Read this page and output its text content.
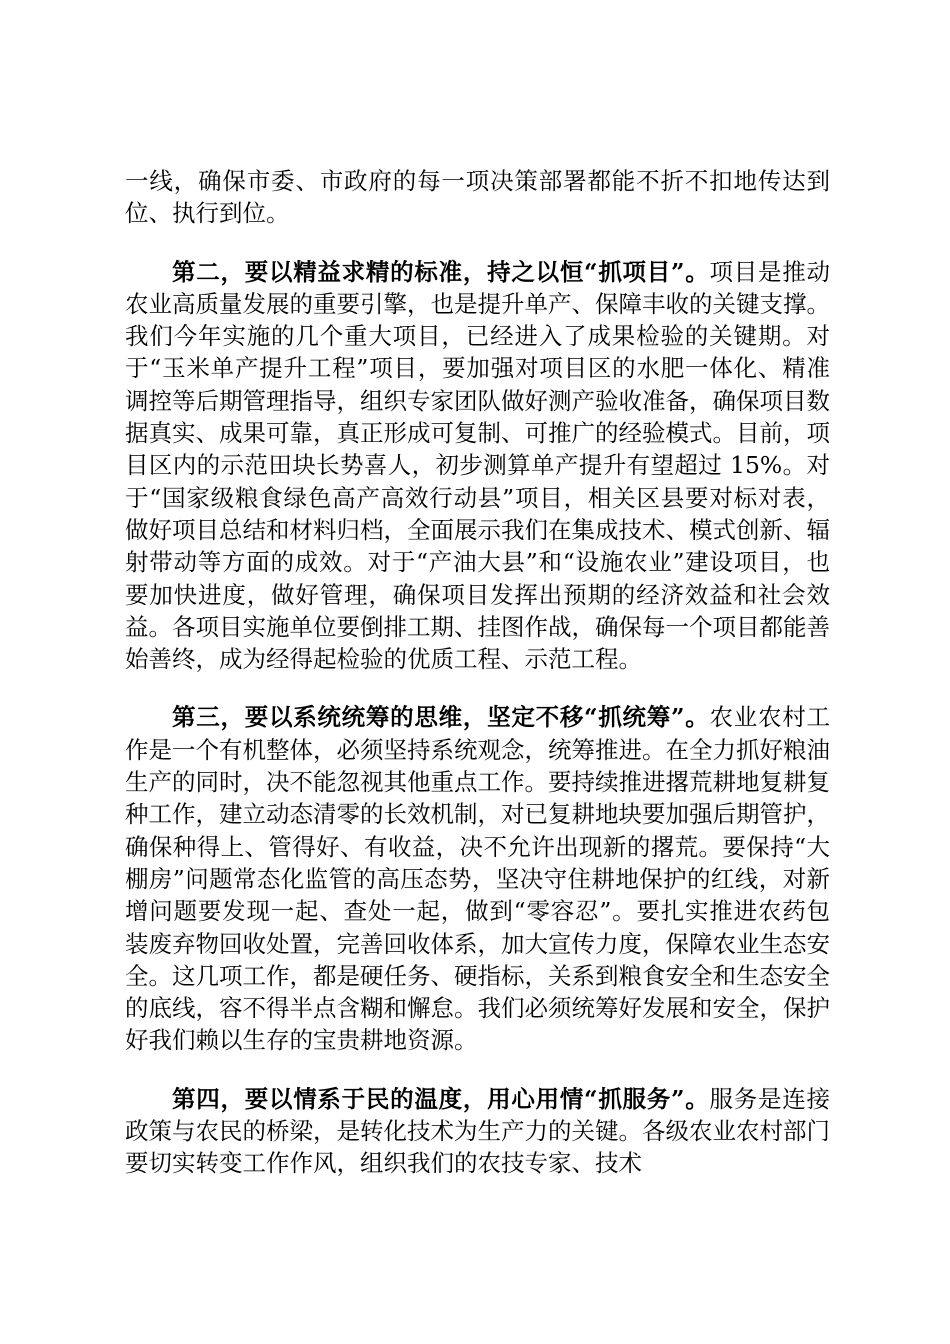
一线，确保市委、市政府的每一项决策部署都能不折不扣地传达到位、执行到位。

第二，要以精益求精的标准，持之以恒“抓项目”。项目是推动农业高质量发展的重要引擎，也是提升单产、保障丰收的关键支撑。我们今年实施的几个重大项目，已经进入了成果检验的关键期。对于“玉米单产提升工程”项目，要加强对项目区的水肥一体化、精准调控等后期管理指导，组织专家团队做好测产验收准备，确保项目数据真实、成果可靠，真正形成可复制、可推广的经验模式。目前，项目区内的示范田块长势喜人，初步测算单产提升有望超过 15%。对于“国家级粮食绿色高产高效行动县”项目，相关区县要对标对表，做好项目总结和材料归档，全面展示我们在集成技术、模式创新、辐射带动等方面的成效。对于“产油大县”和“设施农业”建设项目，也要加快进度，做好管理，确保项目发挥出预期的经济效益和社会效益。各项目实施单位要倒排工期、挂图作战，确保每一个项目都能善始善终，成为经得起检验的优质工程、示范工程。

第三，要以系统统筹的思维，坚定不移“抓统筹”。农业农村工作是一个有机整体，必须坚持系统观念，统筹推进。在全力抓好粮油生产的同时，决不能忽视其他重点工作。要持续推进撂荒耕地复耕复种工作，建立动态清零的长效机制，对已复耕地块要加强后期管护，确保种得上、管得好、有收益，决不允许出现新的撂荒。要保持“大棚房”问题常态化监管的高压态势，坚决守住耕地保护的红线，对新增问题要发现一起、查处一起，做到“零容忍”。要扎实推进农药包装废弃物回收处置，完善回收体系，加大宣传力度，保障农业生态安全。这几项工作，都是硬任务、硬指标，关系到粮食安全和生态安全的底线，容不得半点含糊和懈怠。我们必须统筹好发展和安全，保护好我们赖以生存的宝贵耕地资源。

第四，要以情系于民的温度，用心用情“抓服务”。服务是连接政策与农民的桥梁，是转化技术为生产力的关键。各级农业农村部门要切实转变工作作风，组织我们的农技专家、技术
